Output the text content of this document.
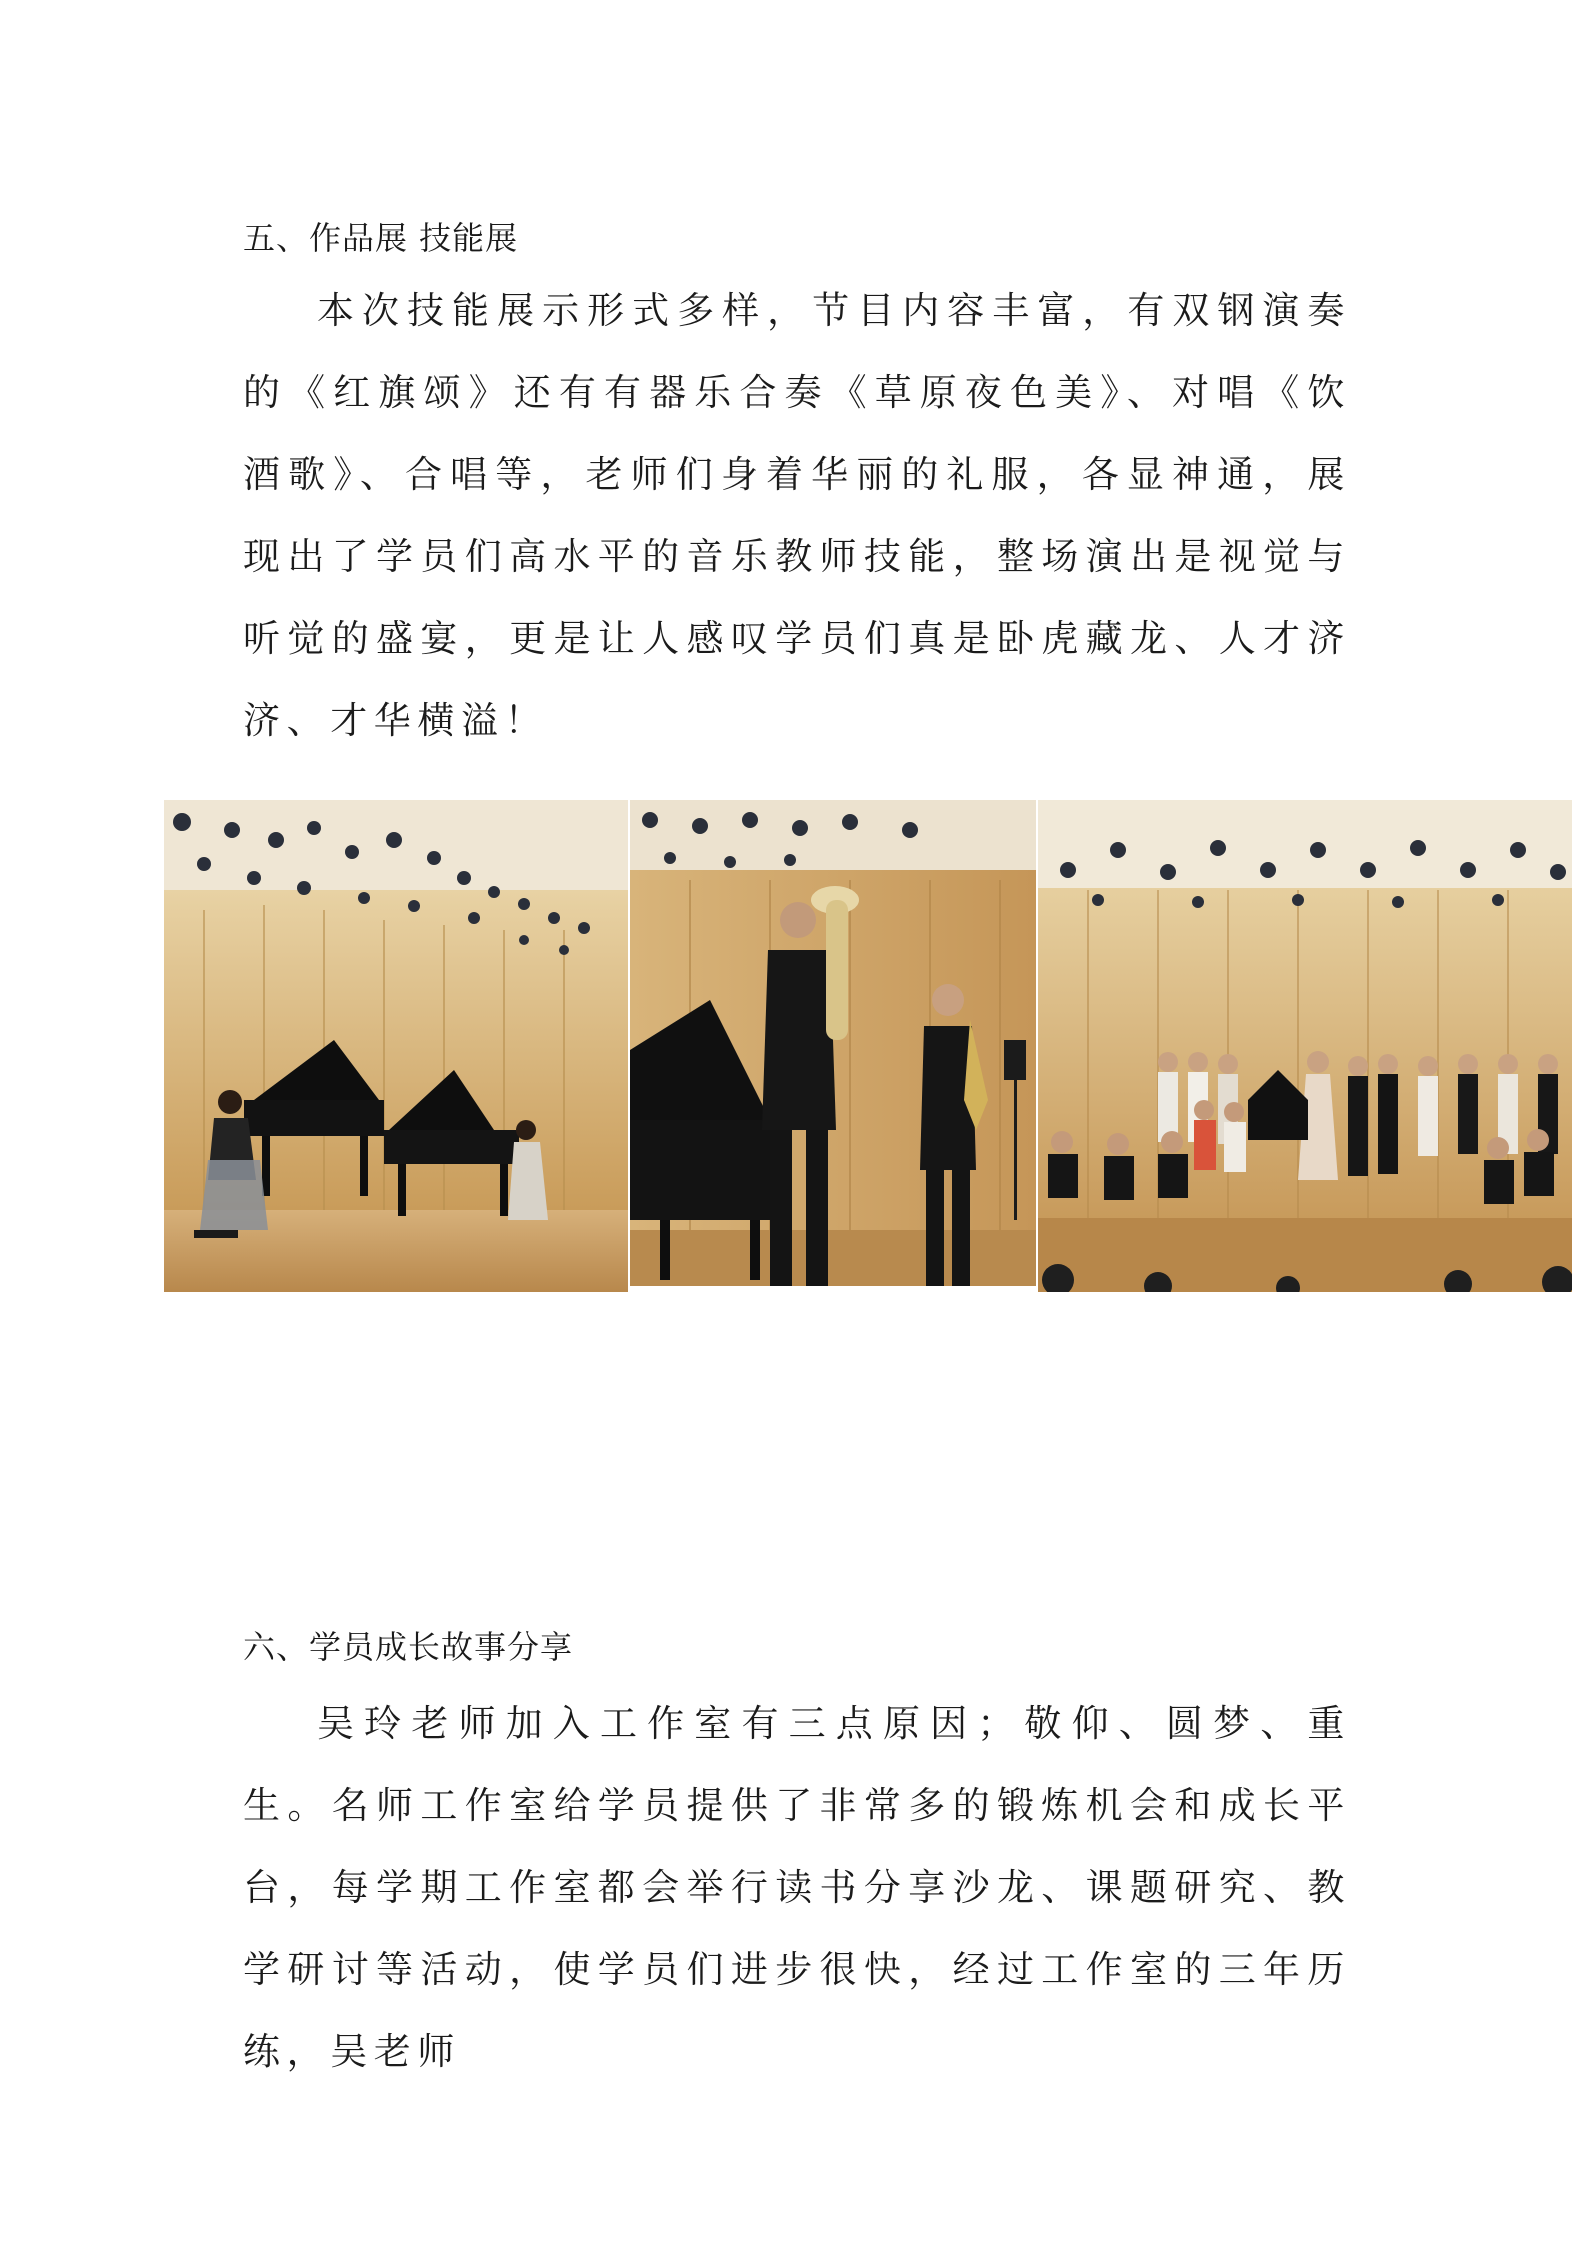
五、作品展 技能展

本次技能展示形式多样，节目内容丰富，有双钢演奏的《红旗颂》还有有器乐合奏《草原夜色美》、对唱《饮酒歌》、合唱等，老师们身着华丽的礼服，各显神通，展现出了学员们高水平的音乐教师技能，整场演出是视觉与听觉的盛宴，更是让人感叹学员们真是卧虎藏龙、人才济济、才华横溢！

六、学员成长故事分享

吴玲老师加入工作室有三点原因；敬仰、圆梦、重生。名师工作室给学员提供了非常多的锻炼机会和成长平台，每学期工作室都会举行读书分享沙龙、课题研究、教学研讨等活动，使学员们进步很快，经过工作室的三年历练，吴老师
